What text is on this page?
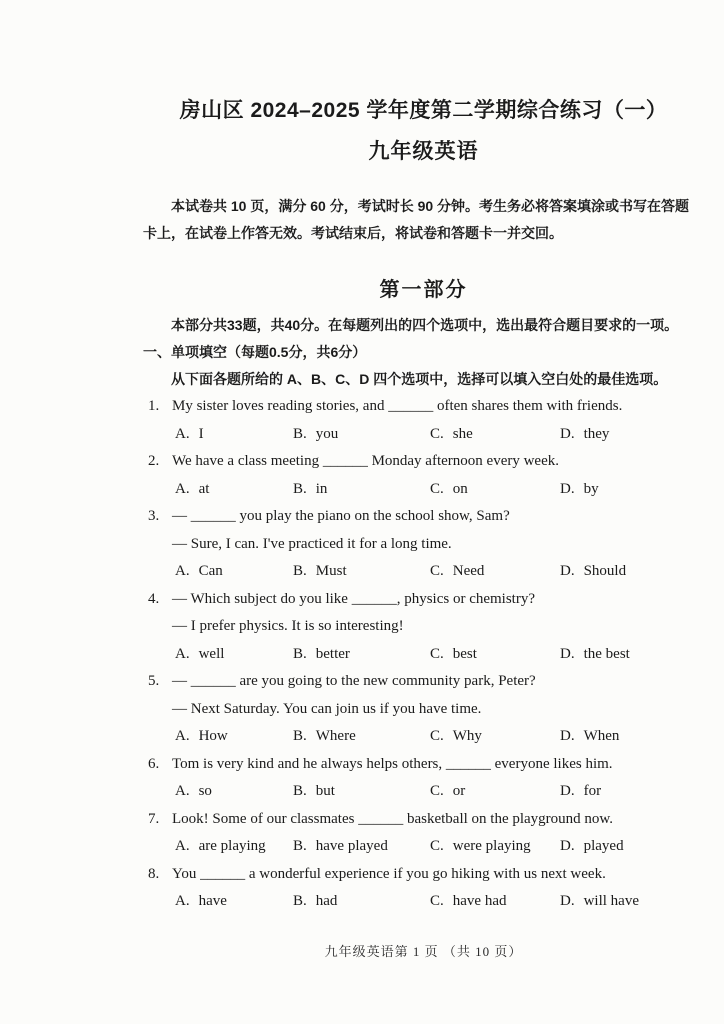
房山区 2024–2025 学年度第二学期综合练习（一）
九年级英语
本试卷共 10 页，满分 60 分，考试时长 90 分钟。考生务必将答案填涂或书写在答题
卡上，在试卷上作答无效。考试结束后，将试卷和答题卡一并交回。
第一部分
本部分共33题，共40分。在每题列出的四个选项中，选出最符合题目要求的一项。
一、单项填空（每题0.5分，共6分）
从下面各题所给的 A、B、C、D 四个选项中，选择可以填入空白处的最佳选项。
1. My sister loves reading stories, and ______ often shares them with friends.
A. I	B. you	C. she	D. they
2. We have a class meeting ______ Monday afternoon every week.
A. at	B. in	C. on	D. by
3. — ______ you play the piano on the school show, Sam?
— Sure, I can. I've practiced it for a long time.
A. Can	B. Must	C. Need	D. Should
4. — Which subject do you like ______, physics or chemistry?
— I prefer physics. It is so interesting!
A. well	B. better	C. best	D. the best
5. — ______ are you going to the new community park, Peter?
— Next Saturday. You can join us if you have time.
A. How	B. Where	C. Why	D. When
6. Tom is very kind and he always helps others, ______ everyone likes him.
A. so	B. but	C. or	D. for
7. Look! Some of our classmates ______ basketball on the playground now.
A. are playing	B. have played	C. were playing	D. played
8. You ______ a wonderful experience if you go hiking with us next week.
A. have	B. had	C. have had	D. will have
九年级英语第 1 页 （共 10 页）
